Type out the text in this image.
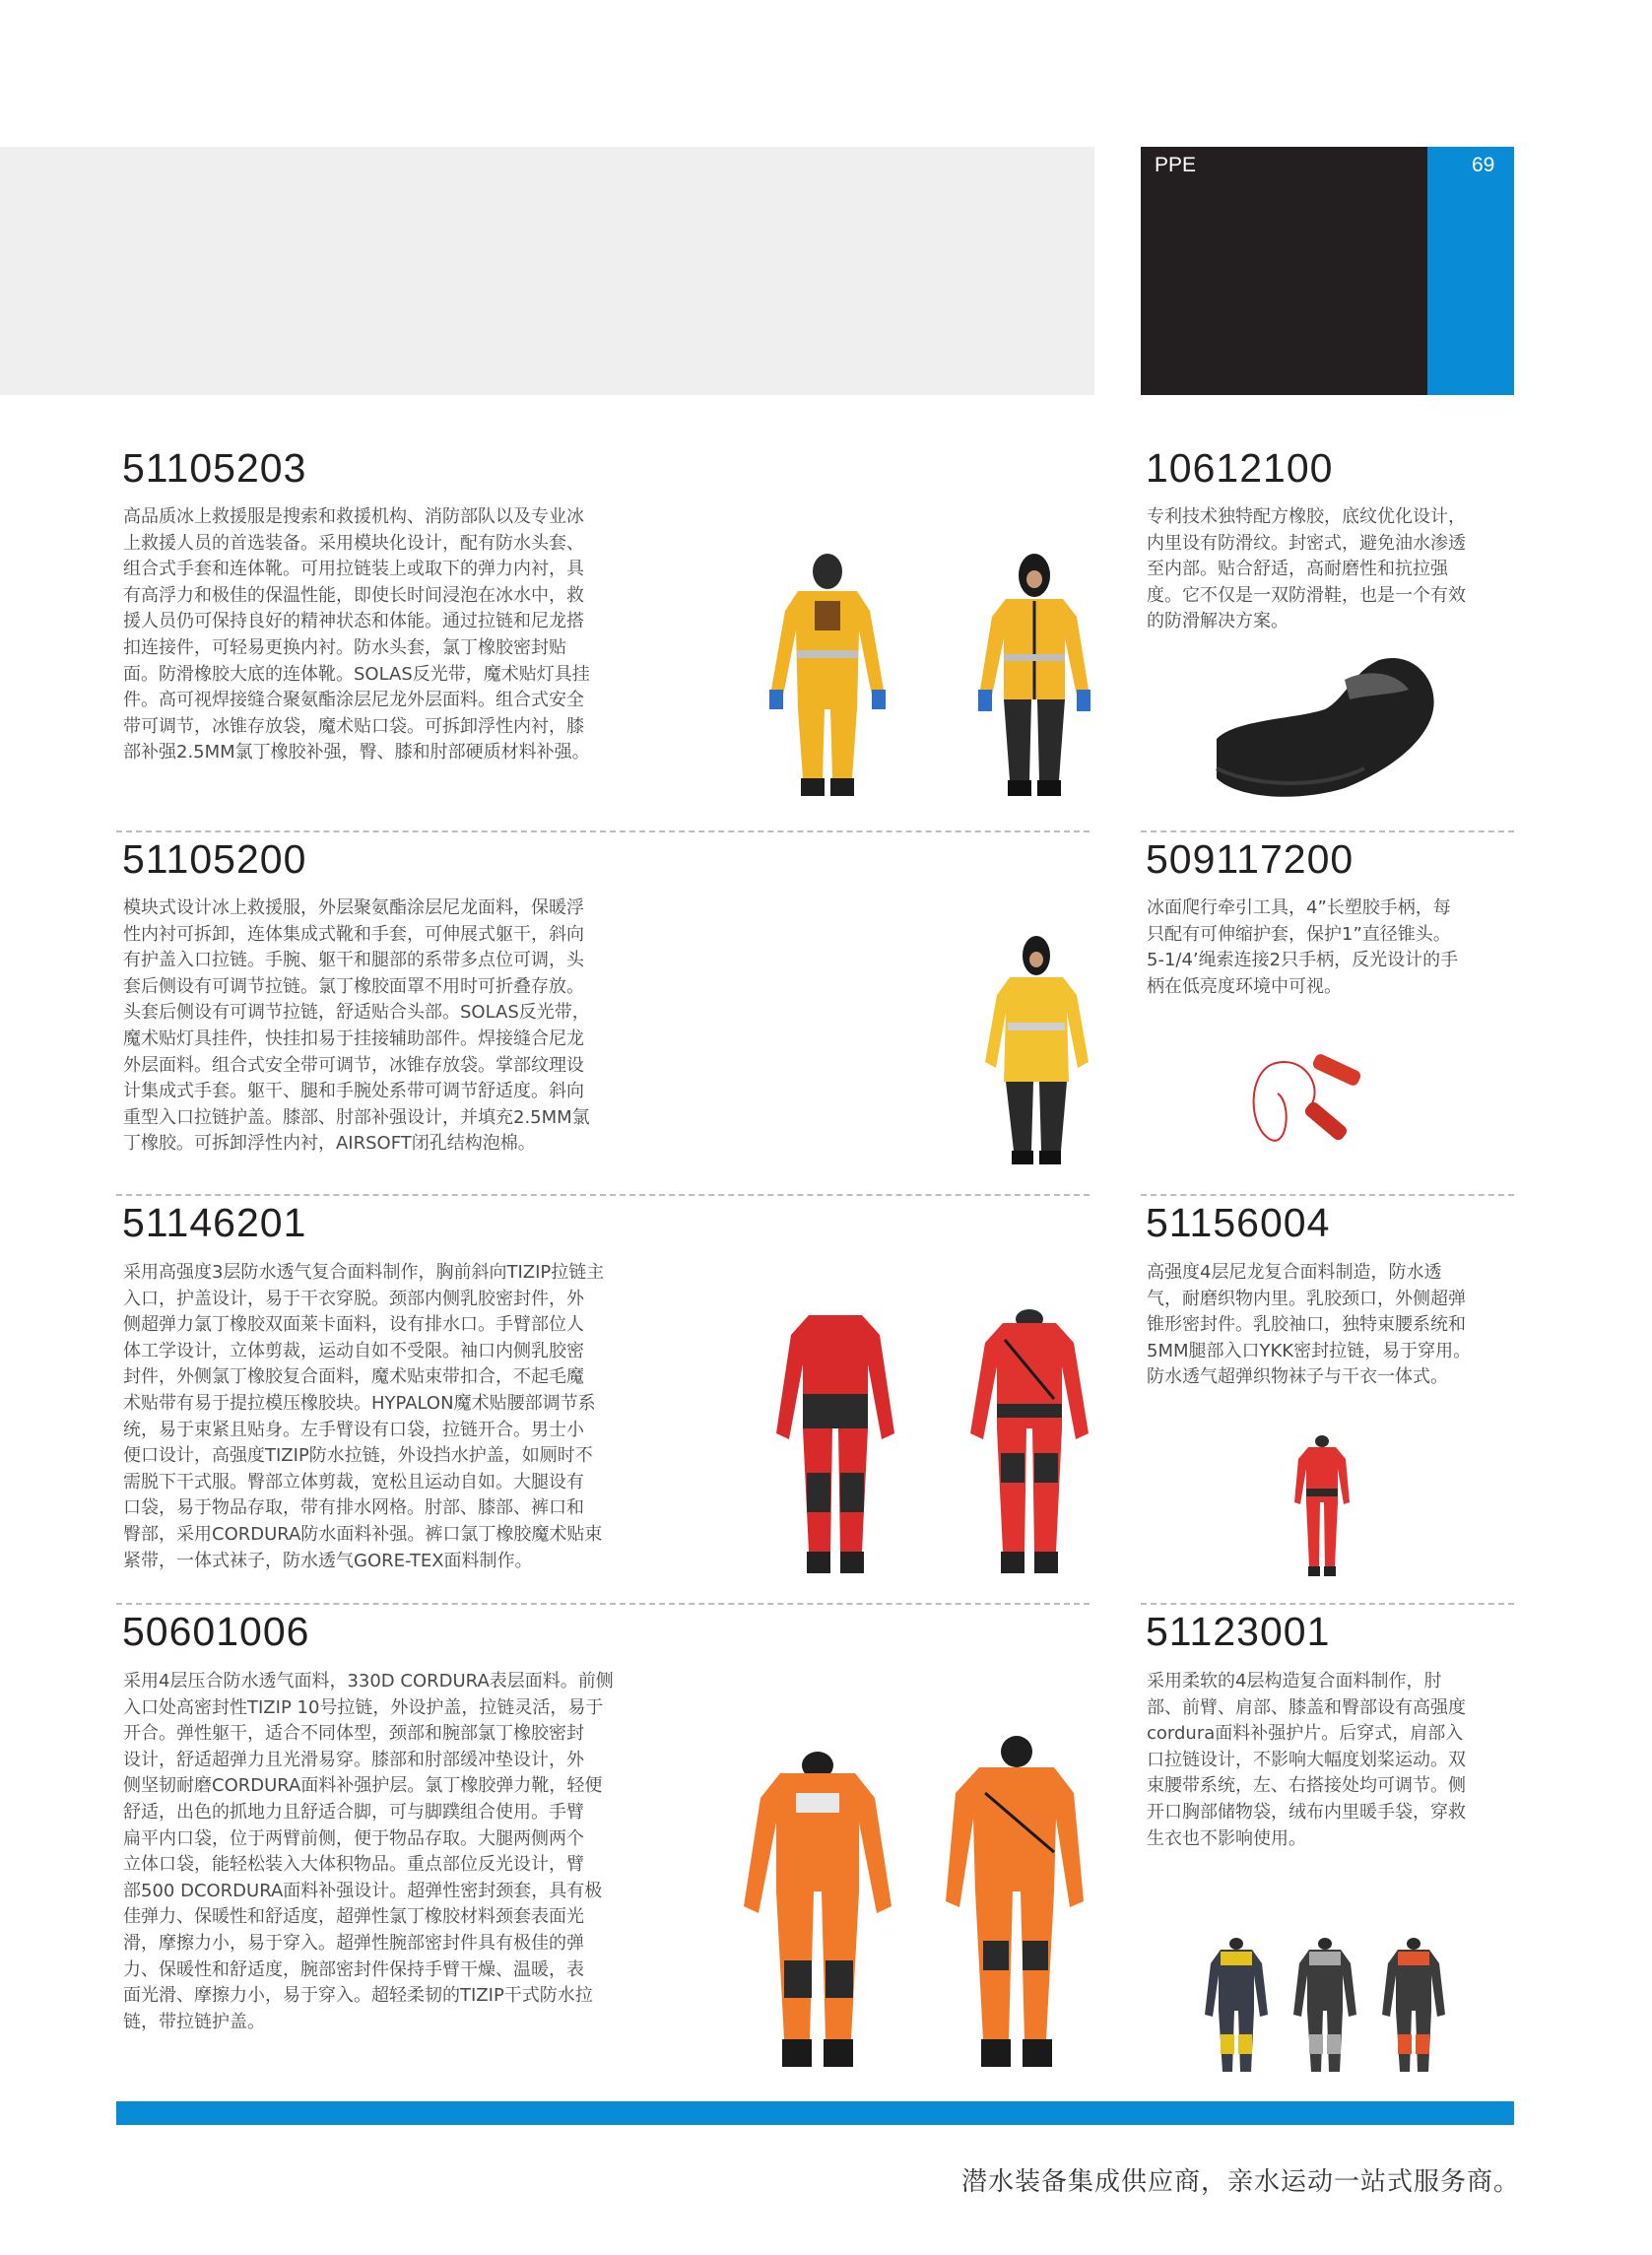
PPE	69
51105203
高品质冰上救援服是搜索和救援机构、消防部队以及专业冰
上救援人员的首选装备。采用模块化设计，配有防水头套、
组合式手套和连体靴。可用拉链装上或取下的弹力内衬，具
有高浮力和极佳的保温性能，即使长时间浸泡在冰水中，救
援人员仍可保持良好的精神状态和体能。通过拉链和尼龙搭
扣连接件，可轻易更换内衬。防水头套，氯丁橡胶密封贴
面。防滑橡胶大底的连体靴。SOLAS反光带，魔术贴灯具挂
件。高可视焊接缝合聚氨酯涂层尼龙外层面料。组合式安全
带可调节，冰锥存放袋，魔术贴口袋。可拆卸浮性内衬，膝
部补强2.5MM氯丁橡胶补强，臀、膝和肘部硬质材料补强。
10612100
专利技术独特配方橡胶，底纹优化设计，
内里设有防滑纹。封密式，避免油水渗透
至内部。贴合舒适，高耐磨性和抗拉强
度。它不仅是一双防滑鞋，也是一个有效
的防滑解决方案。
51105200
模块式设计冰上救援服，外层聚氨酯涂层尼龙面料，保暖浮
性内衬可拆卸，连体集成式靴和手套，可伸展式躯干，斜向
有护盖入口拉链。手腕、躯干和腿部的系带多点位可调，头
套后侧设有可调节拉链。氯丁橡胶面罩不用时可折叠存放。
头套后侧设有可调节拉链，舒适贴合头部。SOLAS反光带，
魔术贴灯具挂件，快挂扣易于挂接辅助部件。焊接缝合尼龙
外层面料。组合式安全带可调节，冰锥存放袋。掌部纹理设
计集成式手套。躯干、腿和手腕处系带可调节舒适度。斜向
重型入口拉链护盖。膝部、肘部补强设计，并填充2.5MM氯
丁橡胶。可拆卸浮性内衬，AIRSOFT闭孔结构泡棉。
509117200
冰面爬行牵引工具，4”长塑胶手柄，每
只配有可伸缩护套，保护1”直径锥头。
5-1/4’绳索连接2只手柄，反光设计的手
柄在低亮度环境中可视。
51146201
采用高强度3层防水透气复合面料制作，胸前斜向TIZIP拉链主
入口，护盖设计，易于干衣穿脱。颈部内侧乳胶密封件，外
侧超弹力氯丁橡胶双面莱卡面料，设有排水口。手臂部位人
体工学设计，立体剪裁，运动自如不受限。袖口内侧乳胶密
封件，外侧氯丁橡胶复合面料，魔术贴束带扣合，不起毛魔
术贴带有易于提拉模压橡胶块。HYPALON魔术贴腰部调节系
统，易于束紧且贴身。左手臂设有口袋，拉链开合。男士小
便口设计，高强度TIZIP防水拉链，外设挡水护盖，如厕时不
需脱下干式服。臀部立体剪裁，宽松且运动自如。大腿设有
口袋，易于物品存取，带有排水网格。肘部、膝部、裤口和
臀部，采用CORDURA防水面料补强。裤口氯丁橡胶魔术贴束
紧带，一体式袜子，防水透气GORE-TEX面料制作。
51156004
高强度4层尼龙复合面料制造，防水透
气，耐磨织物内里。乳胶颈口，外侧超弹
锥形密封件。乳胶袖口，独特束腰系统和
5MM腿部入口YKK密封拉链，易于穿用。
防水透气超弹织物袜子与干衣一体式。
50601006
采用4层压合防水透气面料，330D CORDURA表层面料。前侧
入口处高密封性TIZIP 10号拉链，外设护盖，拉链灵活，易于
开合。弹性躯干，适合不同体型，颈部和腕部氯丁橡胶密封
设计，舒适超弹力且光滑易穿。膝部和肘部缓冲垫设计，外
侧坚韧耐磨CORDURA面料补强护层。氯丁橡胶弹力靴，轻便
舒适，出色的抓地力且舒适合脚，可与脚蹼组合使用。手臂
扁平内口袋，位于两臂前侧，便于物品存取。大腿两侧两个
立体口袋，能轻松装入大体积物品。重点部位反光设计，臂
部500 DCORDURA面料补强设计。超弹性密封颈套，具有极
佳弹力、保暖性和舒适度，超弹性氯丁橡胶材料颈套表面光
滑，摩擦力小，易于穿入。超弹性腕部密封件具有极佳的弹
力、保暖性和舒适度，腕部密封件保持手臂干燥、温暖，表
面光滑、摩擦力小，易于穿入。超轻柔韧的TIZIP干式防水拉
链，带拉链护盖。
51123001
采用柔软的4层构造复合面料制作，肘
部、前臂、肩部、膝盖和臀部设有高强度
cordura面料补强护片。后穿式，肩部入
口拉链设计，不影响大幅度划桨运动。双
束腰带系统，左、右搭接处均可调节。侧
开口胸部储物袋，绒布内里暖手袋，穿救
生衣也不影响使用。
潜水装备集成供应商，亲水运动一站式服务商。
